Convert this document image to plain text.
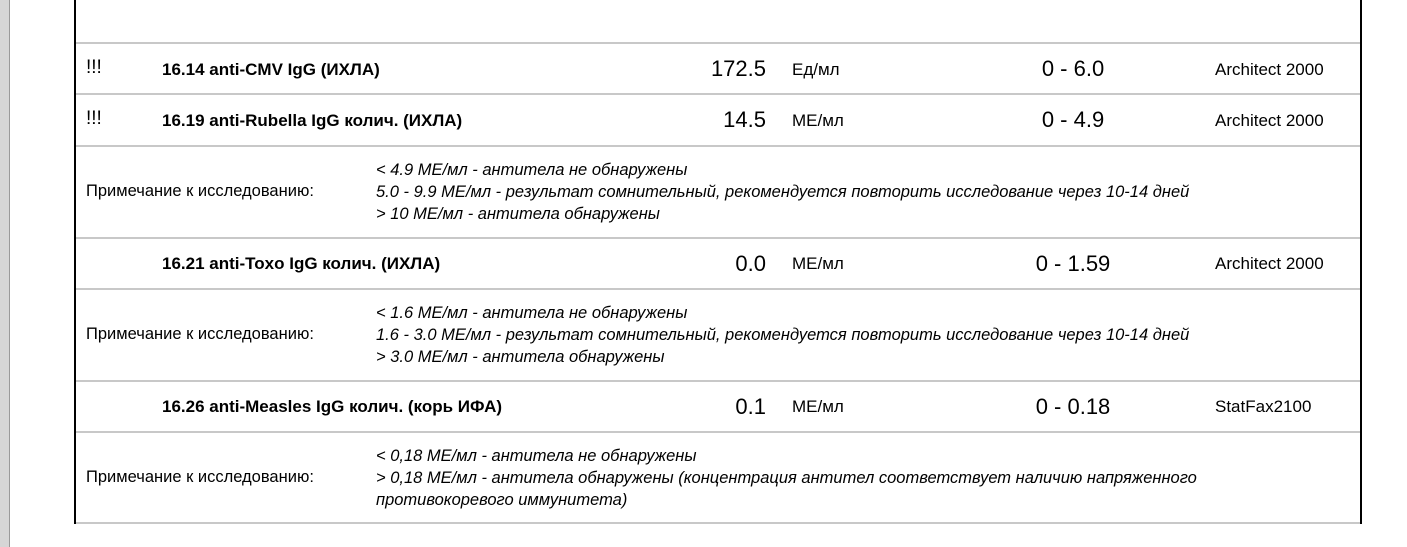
!!!	16.14 anti-CMV IgG (ИХЛА)	172.5 Ед/мл	0 - 6.0	Architect 2000
!!!	16.19 anti-Rubella IgG колич. (ИХЛА)	14.5 МЕ/мл	0 - 4.9	Architect 2000
Примечание к исследованию:
< 4.9 МЕ/мл - антитела не обнаружены
5.0 - 9.9 МЕ/мл - результат сомнительный, рекомендуется повторить исследование через 10-14 дней
> 10 МЕ/мл - антитела обнаружены
16.21 anti-Toxo IgG колич. (ИХЛА)	0.0 МЕ/мл	0 - 1.59	Architect 2000
Примечание к исследованию:
< 1.6 МЕ/мл - антитела не обнаружены
1.6 - 3.0 МЕ/мл - результат сомнительный, рекомендуется повторить исследование через 10-14 дней
> 3.0 МЕ/мл - антитела обнаружены
16.26 anti-Measles IgG колич. (корь ИФА)	0.1 МЕ/мл	0 - 0.18	StatFax2100
Примечание к исследованию:
< 0,18 МЕ/мл - антитела не обнаружены
> 0,18 МЕ/мл - антитела обнаружены (концентрация антител соответствует наличию напряженного
противокоревого иммунитета)
